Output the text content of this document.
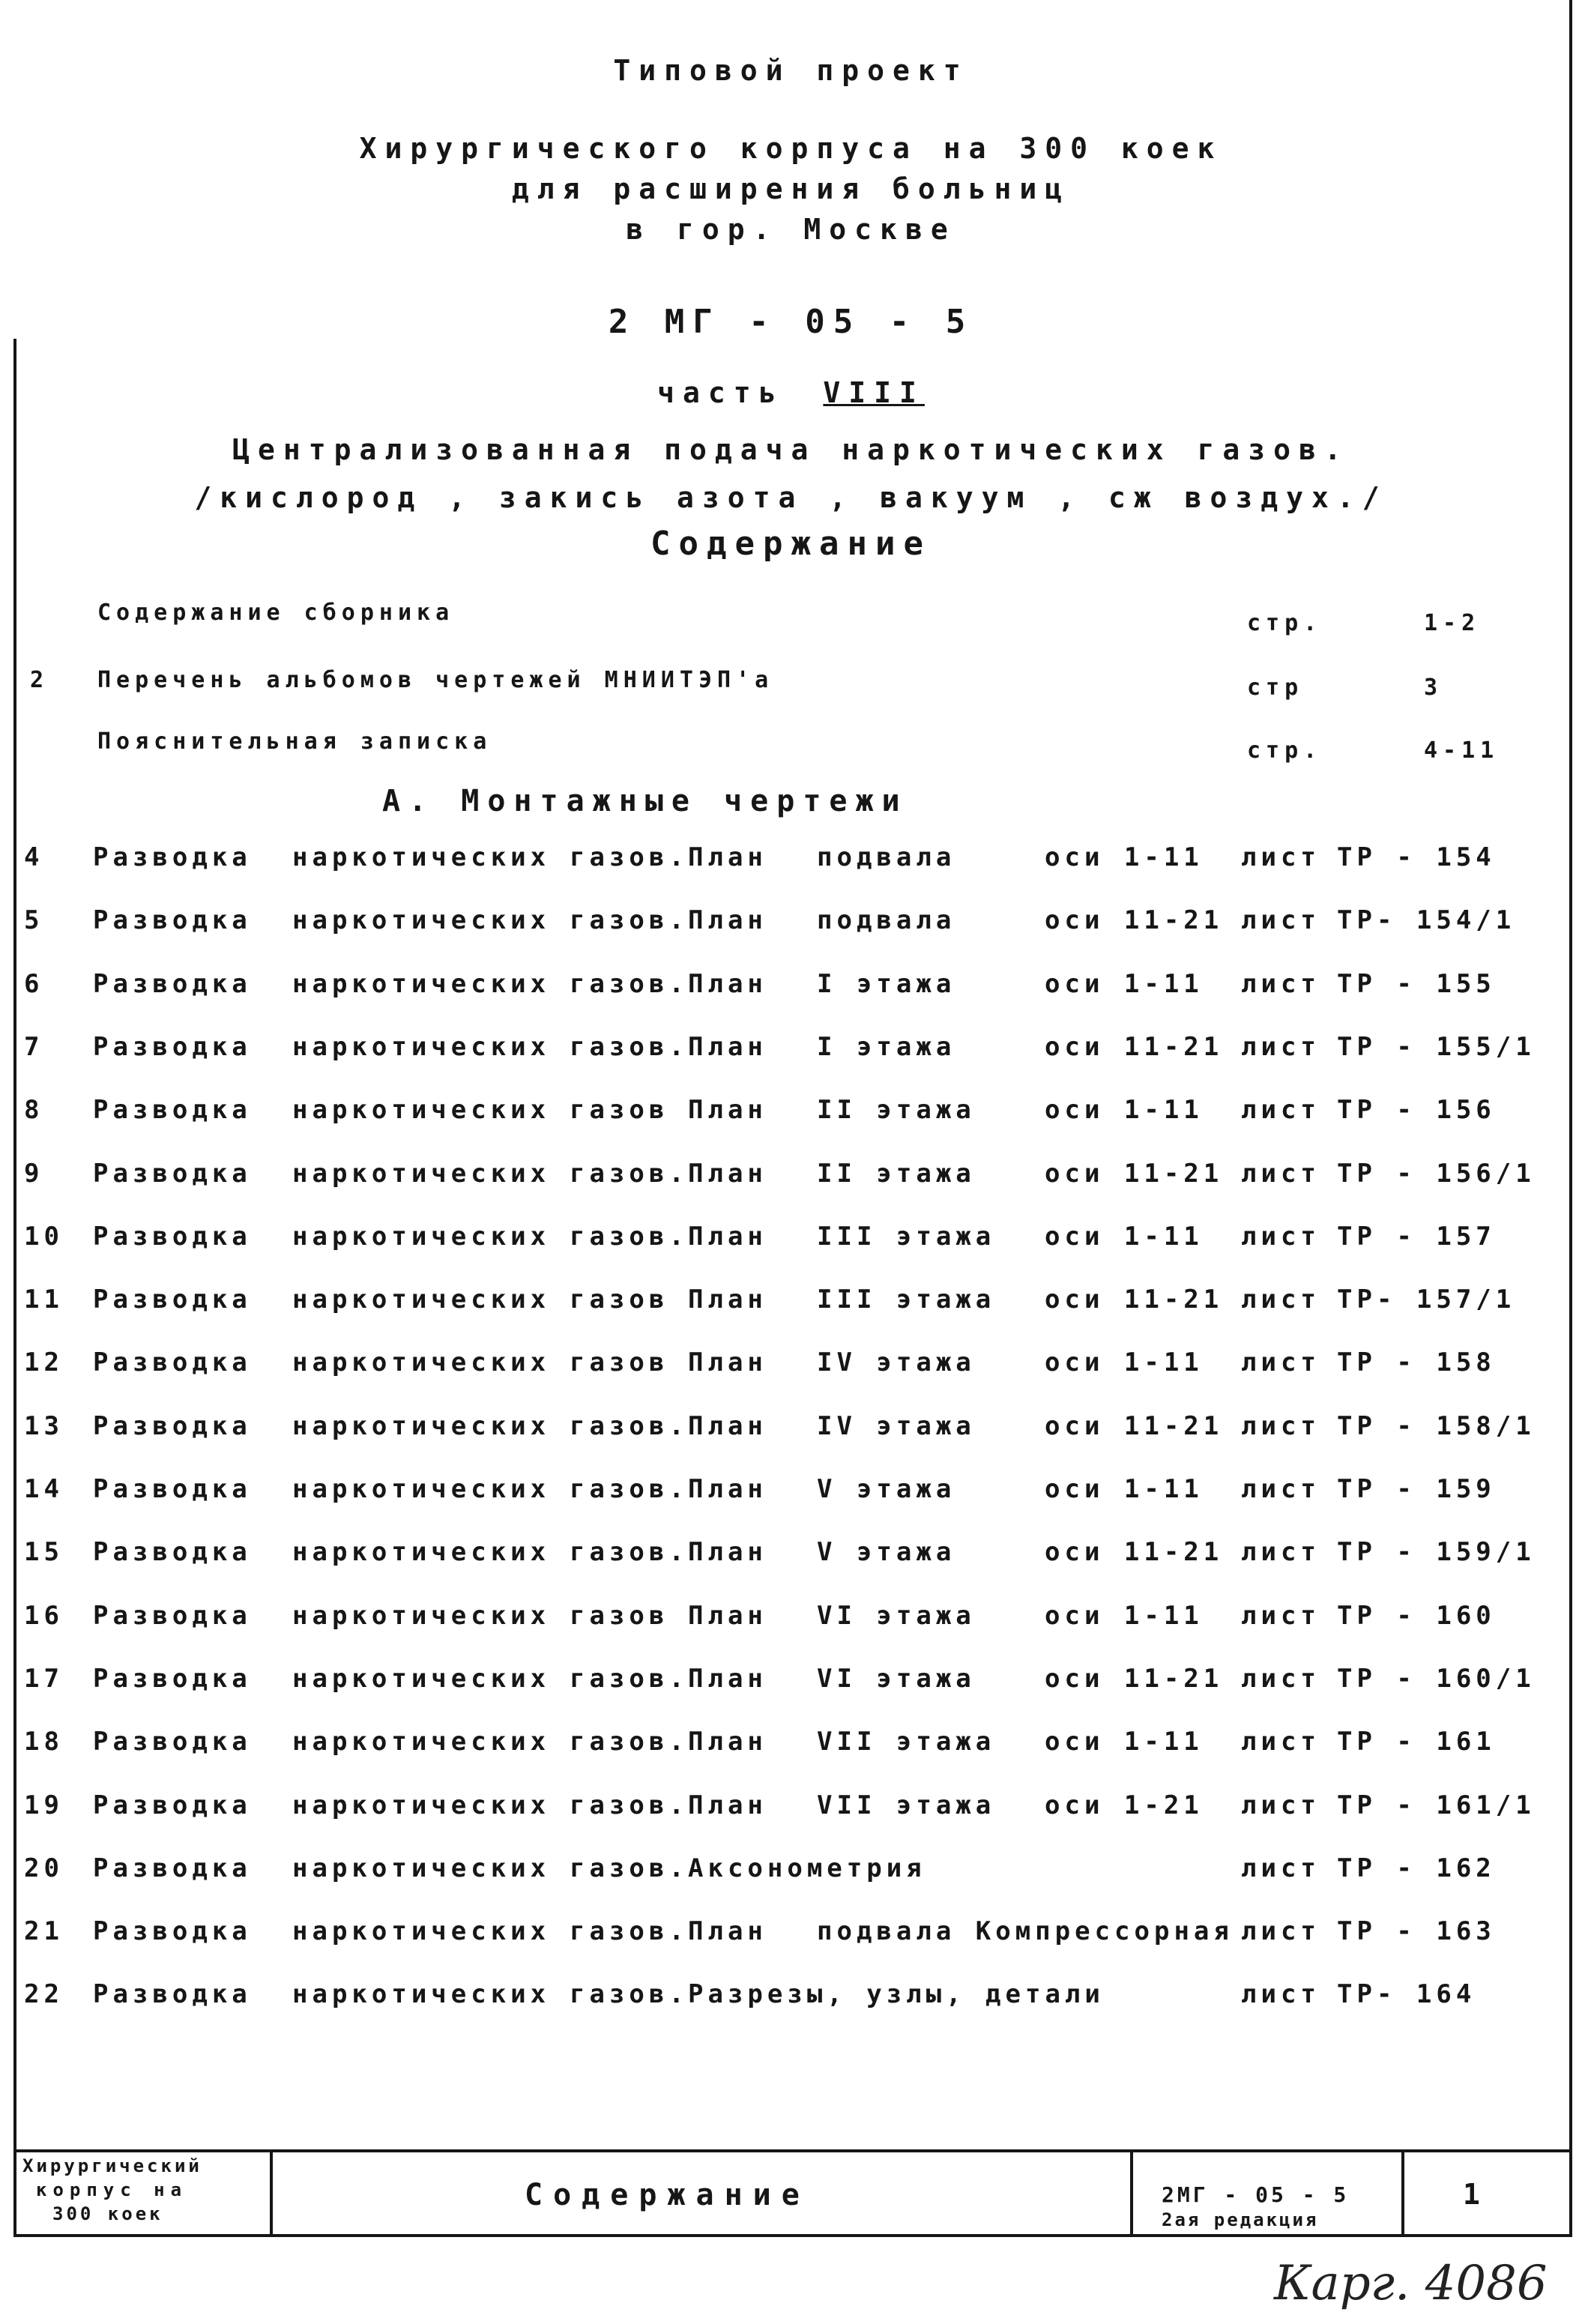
Типовой проект
Хирургического корпуса на 300 коек
для расширения больниц
в гор. Москве
2 МГ - 05 - 5
часть VIII
Централизованная подача наркотических газов.
/кислород , закись азота , вакуум , сж воздух./
Содержание
Содержание сборника	стр.	1-2
2 Перечень альбомов чертежей МНИИТЭП'а	стр	3
Пояснительная записка	стр.	4-11
А. Монтажные чертежи
4 Разводка наркотических газов. План подвала	оси 1-11 лист ТР - 154
5 Разводка наркотических газов. План подвала	оси 11-21 лист ТР- 154/1
6 Разводка наркотических газов. План I этажа	оси 1-11 лист ТР - 155
7 Разводка наркотических газов. План I этажа	оси 11-21 лист ТР - 155/1
8 Разводка наркотических газов План II этажа	оси 1-11 лист ТР - 156
9 Разводка наркотических газов. План II этажа	оси 11-21 лист ТР - 156/1
10 Разводка наркотических газов. План III этажа оси 1-11 лист ТР - 157
11 Разводка наркотических газов План III этажа оси 11-21 лист ТР- 157/1
12 Разводка наркотических газов План IV этажа	оси 1-11 лист ТР - 158
13 Разводка наркотических газов. План IV этажа	оси 11-21 лист ТР - 158/1
14 Разводка наркотических газов. План V этажа	оси 1-11 лист ТР - 159
15 Разводка наркотических газов. План V этажа	оси 11-21 лист ТР - 159/1
16 Разводка наркотических газов План VI этажа	оси 1-11 лист ТР - 160
17 Разводка наркотических газов. План VI этажа	оси 11-21 лист ТР - 160/1
18 Разводка наркотических газов. План VII этажа оси 1-11 лист ТР - 161
19 Разводка наркотических газов. План VII этажа оси 1-21 лист ТР - 161/1
20 Разводка наркотических газов. Аксонометрия	лист ТР - 162
21 Разводка наркотических газов. План подвала Компрессорная лист ТР - 163
22 Разводка наркотических газов. Разрезы, узлы, детали	лист ТР- 164
Хирургический
корпус на
300 коек
Содержание	2МГ - 05 - 5
2ая редакция
1
Карг. 4086
